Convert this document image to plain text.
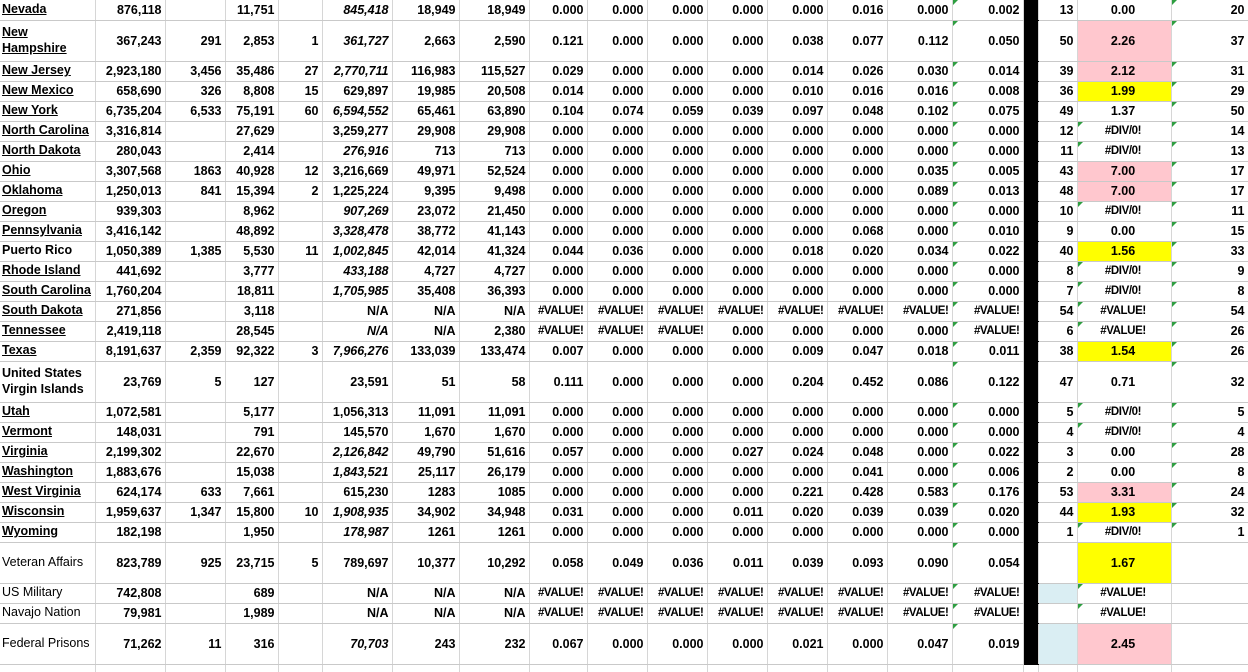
Nevada	876,118		11,751		845,418	18,949	18,949	0.000	0.000	0.000	0.000	0.000	0.016	0.000	0.002		13	0.00	20

New Hampshire	367,243	291	2,853	1	361,727	2,663	2,590	0.121	0.000	0.000	0.000	0.038	0.077	0.112	0.050		50	2.26	37

New Jersey	2,923,180	3,456	35,486	27	2,770,711	116,983	115,527	0.029	0.000	0.000	0.000	0.014	0.026	0.030	0.014		39	2.12	31

New Mexico	658,690	326	8,808	15	629,897	19,985	20,508	0.014	0.000	0.000	0.000	0.010	0.016	0.016	0.008		36	1.99	29

New York	6,735,204	6,533	75,191	60	6,594,552	65,461	63,890	0.104	0.074	0.059	0.039	0.097	0.048	0.102	0.075		49	1.37	50

North Carolina	3,316,814		27,629		3,259,277	29,908	29,908	0.000	0.000	0.000	0.000	0.000	0.000	0.000	0.000		12	#DIV/0!	14

North Dakota	280,043		2,414		276,916	713	713	0.000	0.000	0.000	0.000	0.000	0.000	0.000	0.000		11	#DIV/0!	13

Ohio	3,307,568	1863	40,928	12	3,216,669	49,971	52,524	0.000	0.000	0.000	0.000	0.000	0.000	0.035	0.005		43	7.00	17

Oklahoma	1,250,013	841	15,394	2	1,225,224	9,395	9,498	0.000	0.000	0.000	0.000	0.000	0.000	0.089	0.013		48	7.00	17

Oregon	939,303		8,962		907,269	23,072	21,450	0.000	0.000	0.000	0.000	0.000	0.000	0.000	0.000		10	#DIV/0!	11

Pennsylvania	3,416,142		48,892		3,328,478	38,772	41,143	0.000	0.000	0.000	0.000	0.000	0.068	0.000	0.010		9	0.00	15

Puerto Rico	1,050,389	1,385	5,530	11	1,002,845	42,014	41,324	0.044	0.036	0.000	0.000	0.018	0.020	0.034	0.022		40	1.56	33

Rhode Island	441,692		3,777		433,188	4,727	4,727	0.000	0.000	0.000	0.000	0.000	0.000	0.000	0.000		8	#DIV/0!	9

South Carolina	1,760,204		18,811		1,705,985	35,408	36,393	0.000	0.000	0.000	0.000	0.000	0.000	0.000	0.000		7	#DIV/0!	8

South Dakota	271,856		3,118		N/A	N/A	N/A	#VALUE!	#VALUE!	#VALUE!	#VALUE!	#VALUE!	#VALUE!	#VALUE!	#VALUE!		54	#VALUE!	54

Tennessee	2,419,118		28,545		N/A	N/A	2,380	#VALUE!	#VALUE!	#VALUE!	0.000	0.000	0.000	0.000	#VALUE!		6	#VALUE!	26

Texas	8,191,637	2,359	92,322	3	7,966,276	133,039	133,474	0.007	0.000	0.000	0.000	0.009	0.047	0.018	0.011		38	1.54	26

United States Virgin Islands	23,769	5	127		23,591	51	58	0.111	0.000	0.000	0.000	0.204	0.452	0.086	0.122		47	0.71	32

Utah	1,072,581		5,177		1,056,313	11,091	11,091	0.000	0.000	0.000	0.000	0.000	0.000	0.000	0.000		5	#DIV/0!	5

Vermont	148,031		791		145,570	1,670	1,670	0.000	0.000	0.000	0.000	0.000	0.000	0.000	0.000		4	#DIV/0!	4

Virginia	2,199,302		22,670		2,126,842	49,790	51,616	0.057	0.000	0.000	0.027	0.024	0.048	0.000	0.022		3	0.00	28

Washington	1,883,676		15,038		1,843,521	25,117	26,179	0.000	0.000	0.000	0.000	0.000	0.041	0.000	0.006		2	0.00	8

West Virginia	624,174	633	7,661		615,230	1283	1085	0.000	0.000	0.000	0.000	0.221	0.428	0.583	0.176		53	3.31	24

Wisconsin	1,959,637	1,347	15,800	10	1,908,935	34,902	34,948	0.031	0.000	0.000	0.011	0.020	0.039	0.039	0.020		44	1.93	32

Wyoming	182,198		1,950		178,987	1261	1261	0.000	0.000	0.000	0.000	0.000	0.000	0.000	0.000		1	#DIV/0!	1

Veteran Affairs	823,789	925	23,715	5	789,697	10,377	10,292	0.058	0.049	0.036	0.011	0.039	0.093	0.090	0.054			1.67	
US Military	742,808		689		N/A	N/A	N/A	#VALUE!	#VALUE!	#VALUE!	#VALUE!	#VALUE!	#VALUE!	#VALUE!	#VALUE!			#VALUE!

Navajo Nation	79,981		1,989		N/A	N/A	N/A	#VALUE!	#VALUE!	#VALUE!	#VALUE!	#VALUE!	#VALUE!	#VALUE!	#VALUE!			#VALUE!

Federal Prisons	71,262	11	316		70,703	243	232	0.067	0.000	0.000	0.000	0.021	0.000	0.047	0.019			2.45	
